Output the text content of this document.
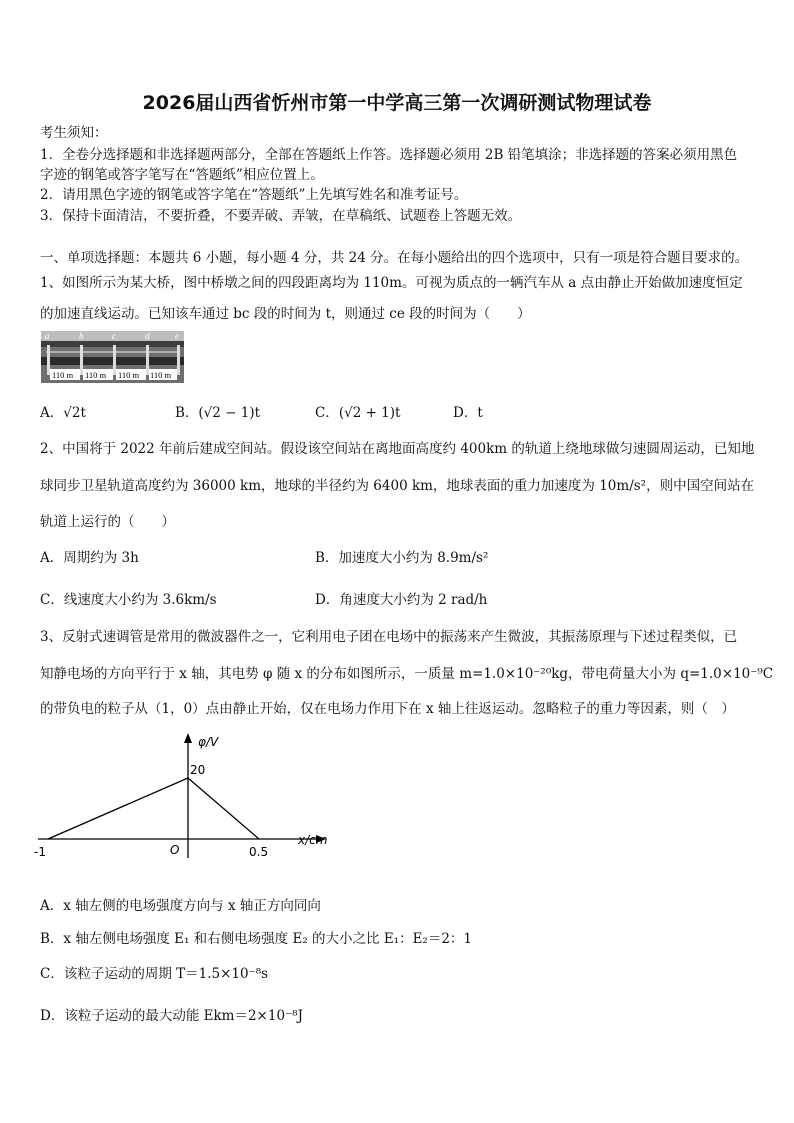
2026届山西省忻州市第一中学高三第一次调研测试物理试卷
考生须知：
1．全卷分选择题和非选择题两部分，全部在答题纸上作答。选择题必须用 2B 铅笔填涂；非选择题的答案必须用黑色
字迹的钢笔或答字笔写在“答题纸”相应位置上。
2．请用黑色字迹的钢笔或答字笔在“答题纸”上先填写姓名和准考证号。
3．保持卡面清洁，不要折叠，不要弄破、弄皱，在草稿纸、试题卷上答题无效。
一、单项选择题：本题共 6 小题，每小题 4 分，共 24 分。在每小题给出的四个选项中，只有一项是符合题目要求的。
1、如图所示为某大桥，图中桥墩之间的四段距离均为 110m。可视为质点的一辆汽车从 a 点由静止开始做加速度恒定
的加速直线运动。已知该车通过 bc 段的时间为 t，则通过 ce 段的时间为（　　）
a	b	c	d	e
110 m 110 m 110 m 110 m
A．√2t	B．(√2 − 1)t	C．(√2 + 1)t	D．t
2、中国将于 2022 年前后建成空间站。假设该空间站在离地面高度约 400km 的轨道上绕地球做匀速圆周运动，已知地
球同步卫星轨道高度约为 36000 km，地球的半径约为 6400 km，地球表面的重力加速度为 10m/s²，则中国空间站在
轨道上运行的（　　）
A．周期约为 3h	B．加速度大小约为 8.9m/s²
C．线速度大小约为 3.6km/s	D．角速度大小约为 2 rad/h
3、反射式速调管是常用的微波器件之一，它利用电子团在电场中的振荡来产生微波，其振荡原理与下述过程类似，已
知静电场的方向平行于 x 轴，其电势 φ 随 x 的分布如图所示，一质量 m=1.0×10⁻²⁰kg，带电荷量大小为 q=1.0×10⁻⁹C
的带负电的粒子从（1，0）点由静止开始，仅在电场力作用下在 x 轴上往返运动。忽略粒子的重力等因素，则（　）
φ/V
20
x/cm
O
-1	0.5
A．x 轴左侧的电场强度方向与 x 轴正方向同向
B．x 轴左侧电场强度 E₁ 和右侧电场强度 E₂ 的大小之比 E₁：E₂＝2：1
C．该粒子运动的周期 T＝1.5×10⁻⁸s
D．该粒子运动的最大动能 Ekm＝2×10⁻⁸J
